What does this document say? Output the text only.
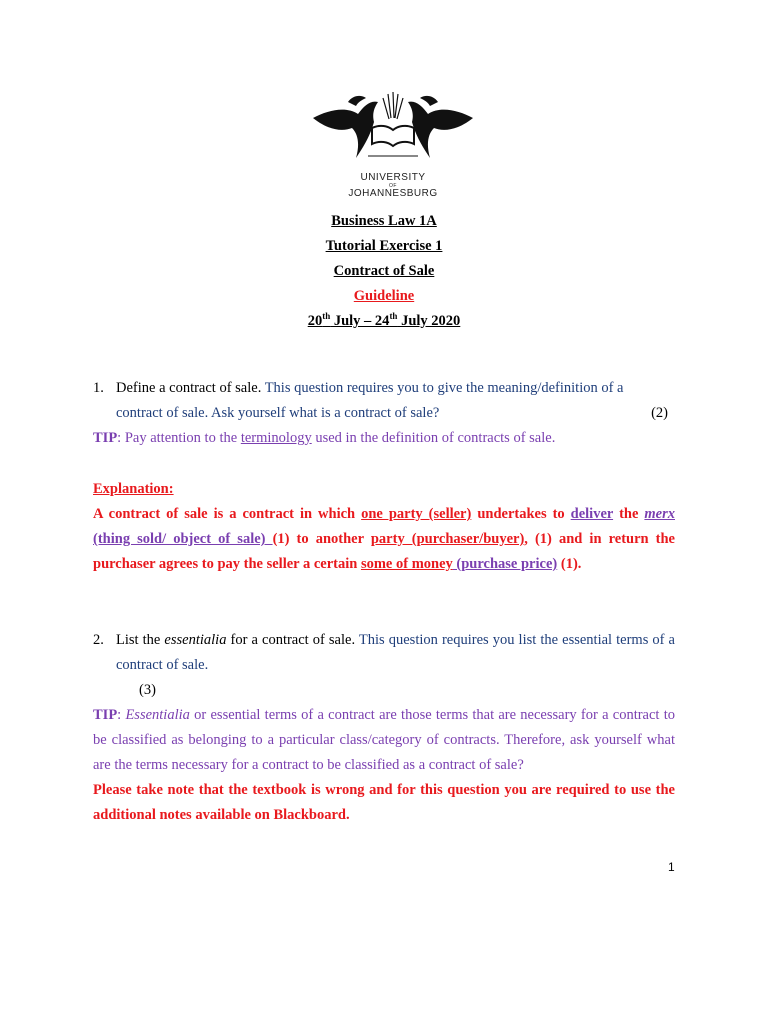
UNIVERSITY
OF
JOHANNESBURG
Business Law 1A
Tutorial Exercise 1
Contract of Sale
Guideline
20th July – 24th July 2020
1. Define a contract of sale. This question requires you to give the meaning/definition of a
contract of sale. Ask yourself what is a contract of sale?	(2)
TIP: Pay attention to the terminology used in the definition of contracts of sale.
Explanation:
A contract of sale is a contract in which one party (seller) undertakes to deliver the merx (thing sold/ object of sale) (1) to another party (purchaser/buyer), (1) and in return the purchaser agrees to pay the seller a certain some of money (purchase price) (1).
2. List the essentialia for a contract of sale. This question requires you list the essential terms of a contract of sale.
(3)
TIP: Essentialia or essential terms of a contract are those terms that are necessary for a contract to be classified as belonging to a particular class/category of contracts. Therefore, ask yourself what are the terms necessary for a contract to be classified as a contract of sale?
Please take note that the textbook is wrong and for this question you are required to use the additional notes available on Blackboard.
1
